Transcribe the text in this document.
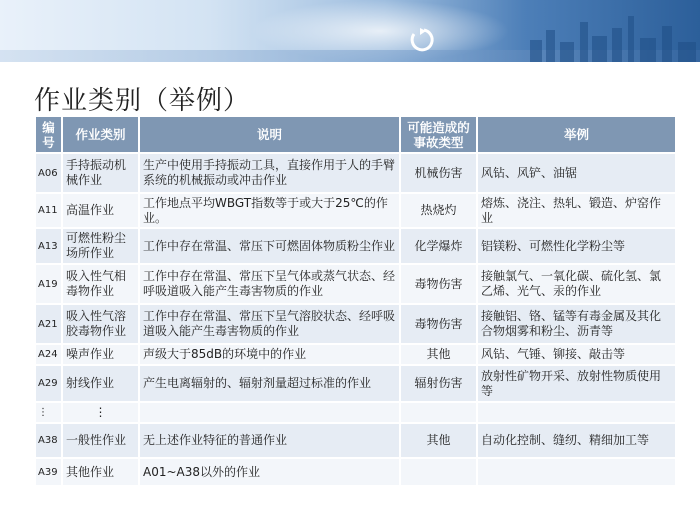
作业类别（举例）
编号	作业类别	说明	可能造成的事故类型	举例
A06	手持振动机械作业	生产中使用手持振动工具，直接作用于人的手臂系统的机械振动或冲击作业	机械伤害	风钻、风铲、油锯
A11	高温作业	工作地点平均WBGT指数等于或大于25℃的作业。	热烧灼	熔炼、浇注、热轧、锻造、炉窑作业
A13	可燃性粉尘场所作业	工作中存在常温、常压下可燃固体物质粉尘作业	化学爆炸	铝镁粉、可燃性化学粉尘等
A19	吸入性气相毒物作业	工作中存在常温、常压下呈气体或蒸气状态、经呼吸道吸入能产生毒害物质的作业	毒物伤害	接触氯气、一氧化碳、硫化氢、氯乙烯、光气、汞的作业
A21	吸入性气溶胶毒物作业	工作中存在常温、常压下呈气溶胶状态、经呼吸道吸入能产生毒害物质的作业	毒物伤害	接触铝、铬、锰等有毒金属及其化合物烟雾和粉尘、沥青等
A24	噪声作业	声级大于85dB的环境中的作业	其他	风钻、气锤、铆接、敲击等
A29	射线作业	产生电离辐射的、辐射剂量超过标准的作业	辐射伤害	放射性矿物开采、放射性物质使用等
⋮	⋮			
A38	一般性作业	无上述作业特征的普通作业	其他	自动化控制、缝纫、精细加工等
A39	其他作业	A01~A38以外的作业		
